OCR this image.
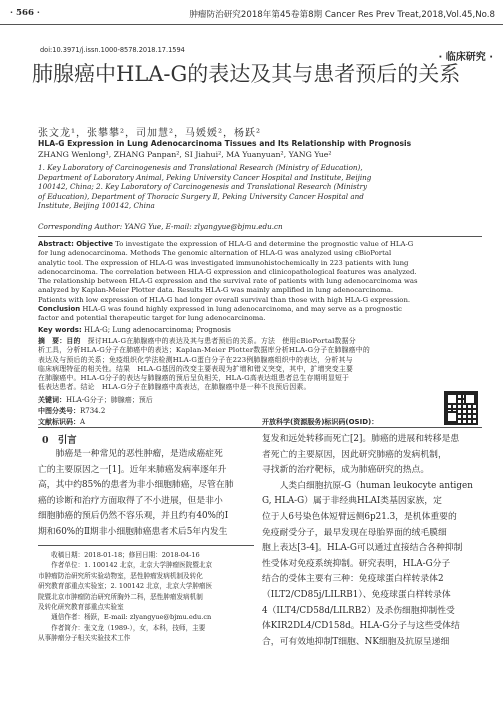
· 566 ·	肿瘤防治研究2018年第45卷第8期 Cancer Res Prev Treat,2018,Vol.45,No.8
doi:10.3971/j.issn.1000-8578.2018.17.1594
· 临床研究 ·
肺腺癌中HLA-G的表达及其与患者预后的关系
张文龙¹，张攀攀²，司加慧²，马媛媛²，杨跃²
HLA-G Expression in Lung Adenocarcinoma Tissues and Its Relationship with Prognosis
ZHANG Wenlong¹, ZHANG Panpan², SI Jiahui², MA Yuanyuan², YANG Yue²
1. Key Laboratory of Carcinogenesis and Translational Research (Ministry of Education),
Department of Laboratory Animal, Peking University Cancer Hospital and Institute, Beijing
100142, China; 2. Key Laboratory of Carcinogenesis and Translational Research (Ministry
of Education), Department of Thoracic Surgery Ⅱ, Peking University Cancer Hospital and
Institute, Beijing 100142, China
Corresponding Author: YANG Yue, E-mail: zlyangyue@bjmu.edu.cn
Abstract: Objective To investigate the expression of HLA-G and determine the prognostic value of HLA-G
for lung adenocarcinoma. Methods The genomic alternation of HLA-G was analyzed using cBioPortal
analytic tool. The expression of HLA-G was investigated immunohistochemically in 223 patients with lung
adenocarcinoma. The correlation between HLA-G expression and clinicopathological features was analyzed.
The relationship between HLA-G expression and the survival rate of patients with lung adenocarcinoma was
analyzed by Kaplan-Meier Plotter data. Results HLA-G was mainly amplified in lung adenocarcinoma.
Patients with low expression of HLA-G had longer overall survival than those with high HLA-G expression.
Conclusion HLA-G was found highly expressed in lung adenocarcinoma, and may serve as a prognostic
factor and potential therapeutic target for lung adenocarcinoma.
Key words: HLA-G; Lung adenocarcinoma; Prognosis
摘　要：目的　探讨HLA-G在肺腺癌中的表达及其与患者预后的关系。方法　使用cBioPortal数据分
析工具，分析HLA-G分子在肺癌中的表达；Kaplan-Meier Plotter数据库分析HLA-G分子在肺腺癌中的
表达及与预后的关系；免疫组织化学法检测HLA-G蛋白分子在223例肺腺癌组织中的表达，分析其与
临床病理特征的相关性。结果　HLA-G基因的改变主要表现为扩增和错义突变，其中，扩增突变主要
在肺腺癌中。HLA-G分子的表达与肺腺癌的预后呈负相关，HLA-G高表达组患者总生存期明显短于
低表达患者。结论　HLA-G分子在肺腺癌中高表达，在肺腺癌中是一种不良预后因素。
关键词：HLA-G分子；肺腺癌；预后
中图分类号：R734.2
文献标识码：A	开放科学(资源服务)标识码(OSID)：
0　引言
　　肺癌是一种常见的恶性肿瘤，是造成癌症死
亡的主要原因之一[1]。近年来肺癌发病率逐年升
高，其中约85%的患者为非小细胞肺癌，尽管在肺
癌的诊断和治疗方面取得了不小进展，但是非小
细胞肺癌的预后仍然不容乐观，并且约有40%的Ⅰ
期和60%的Ⅱ期非小细胞肺癌患者术后5年内发生
　　收稿日期：2018-01-18；修回日期：2018-04-16
　　作者单位：1. 100142 北京，北京大学肿瘤医院暨北京
市肿瘤防治研究所实验动物室，恶性肿瘤发病机制及转化
研究教育部重点实验室；2. 100142 北京，北京大学肿瘤医
院暨北京市肿瘤防治研究所胸外二科，恶性肿瘤发病机制
及转化研究教育部重点实验室
　　通信作者：杨跃，E-mail: zlyangyue@bjmu.edu.cn
　　作者简介：张文龙（1989-），女，本科，技师，主要
从事肿瘤分子相关实验技术工作
复发和远处转移而死亡[2]。肺癌的进展和转移是患
者死亡的主要原因，因此研究肺癌的发病机制，
寻找新的治疗靶标，成为肺癌研究的热点。
　　人类白细胞抗原-G（human leukocyte antigen
G, HLA-G）属于非经典HLAⅠ类基因家族，定
位于人6号染色体短臂远侧6p21.3，是机体重要的
免疫耐受分子，最早发现在母胎界面的绒毛膜细
胞上表达[3-4]。HLA-G可以通过直接结合各种抑制
性受体对免疫系统抑制。研究表明，HLA-G分子
结合的受体主要有三种：免疫球蛋白样转录体2
（ILT2/CD85j/LILRB1）、免疫球蛋白样转录体
4（ILT4/CD58d/LILRB2）及杀伤细胞抑制性受
体KIR2DL4/CD158d。HLA-G分子与这些受体结
合，可有效地抑制T细胞、NK细胞及抗原呈递细
